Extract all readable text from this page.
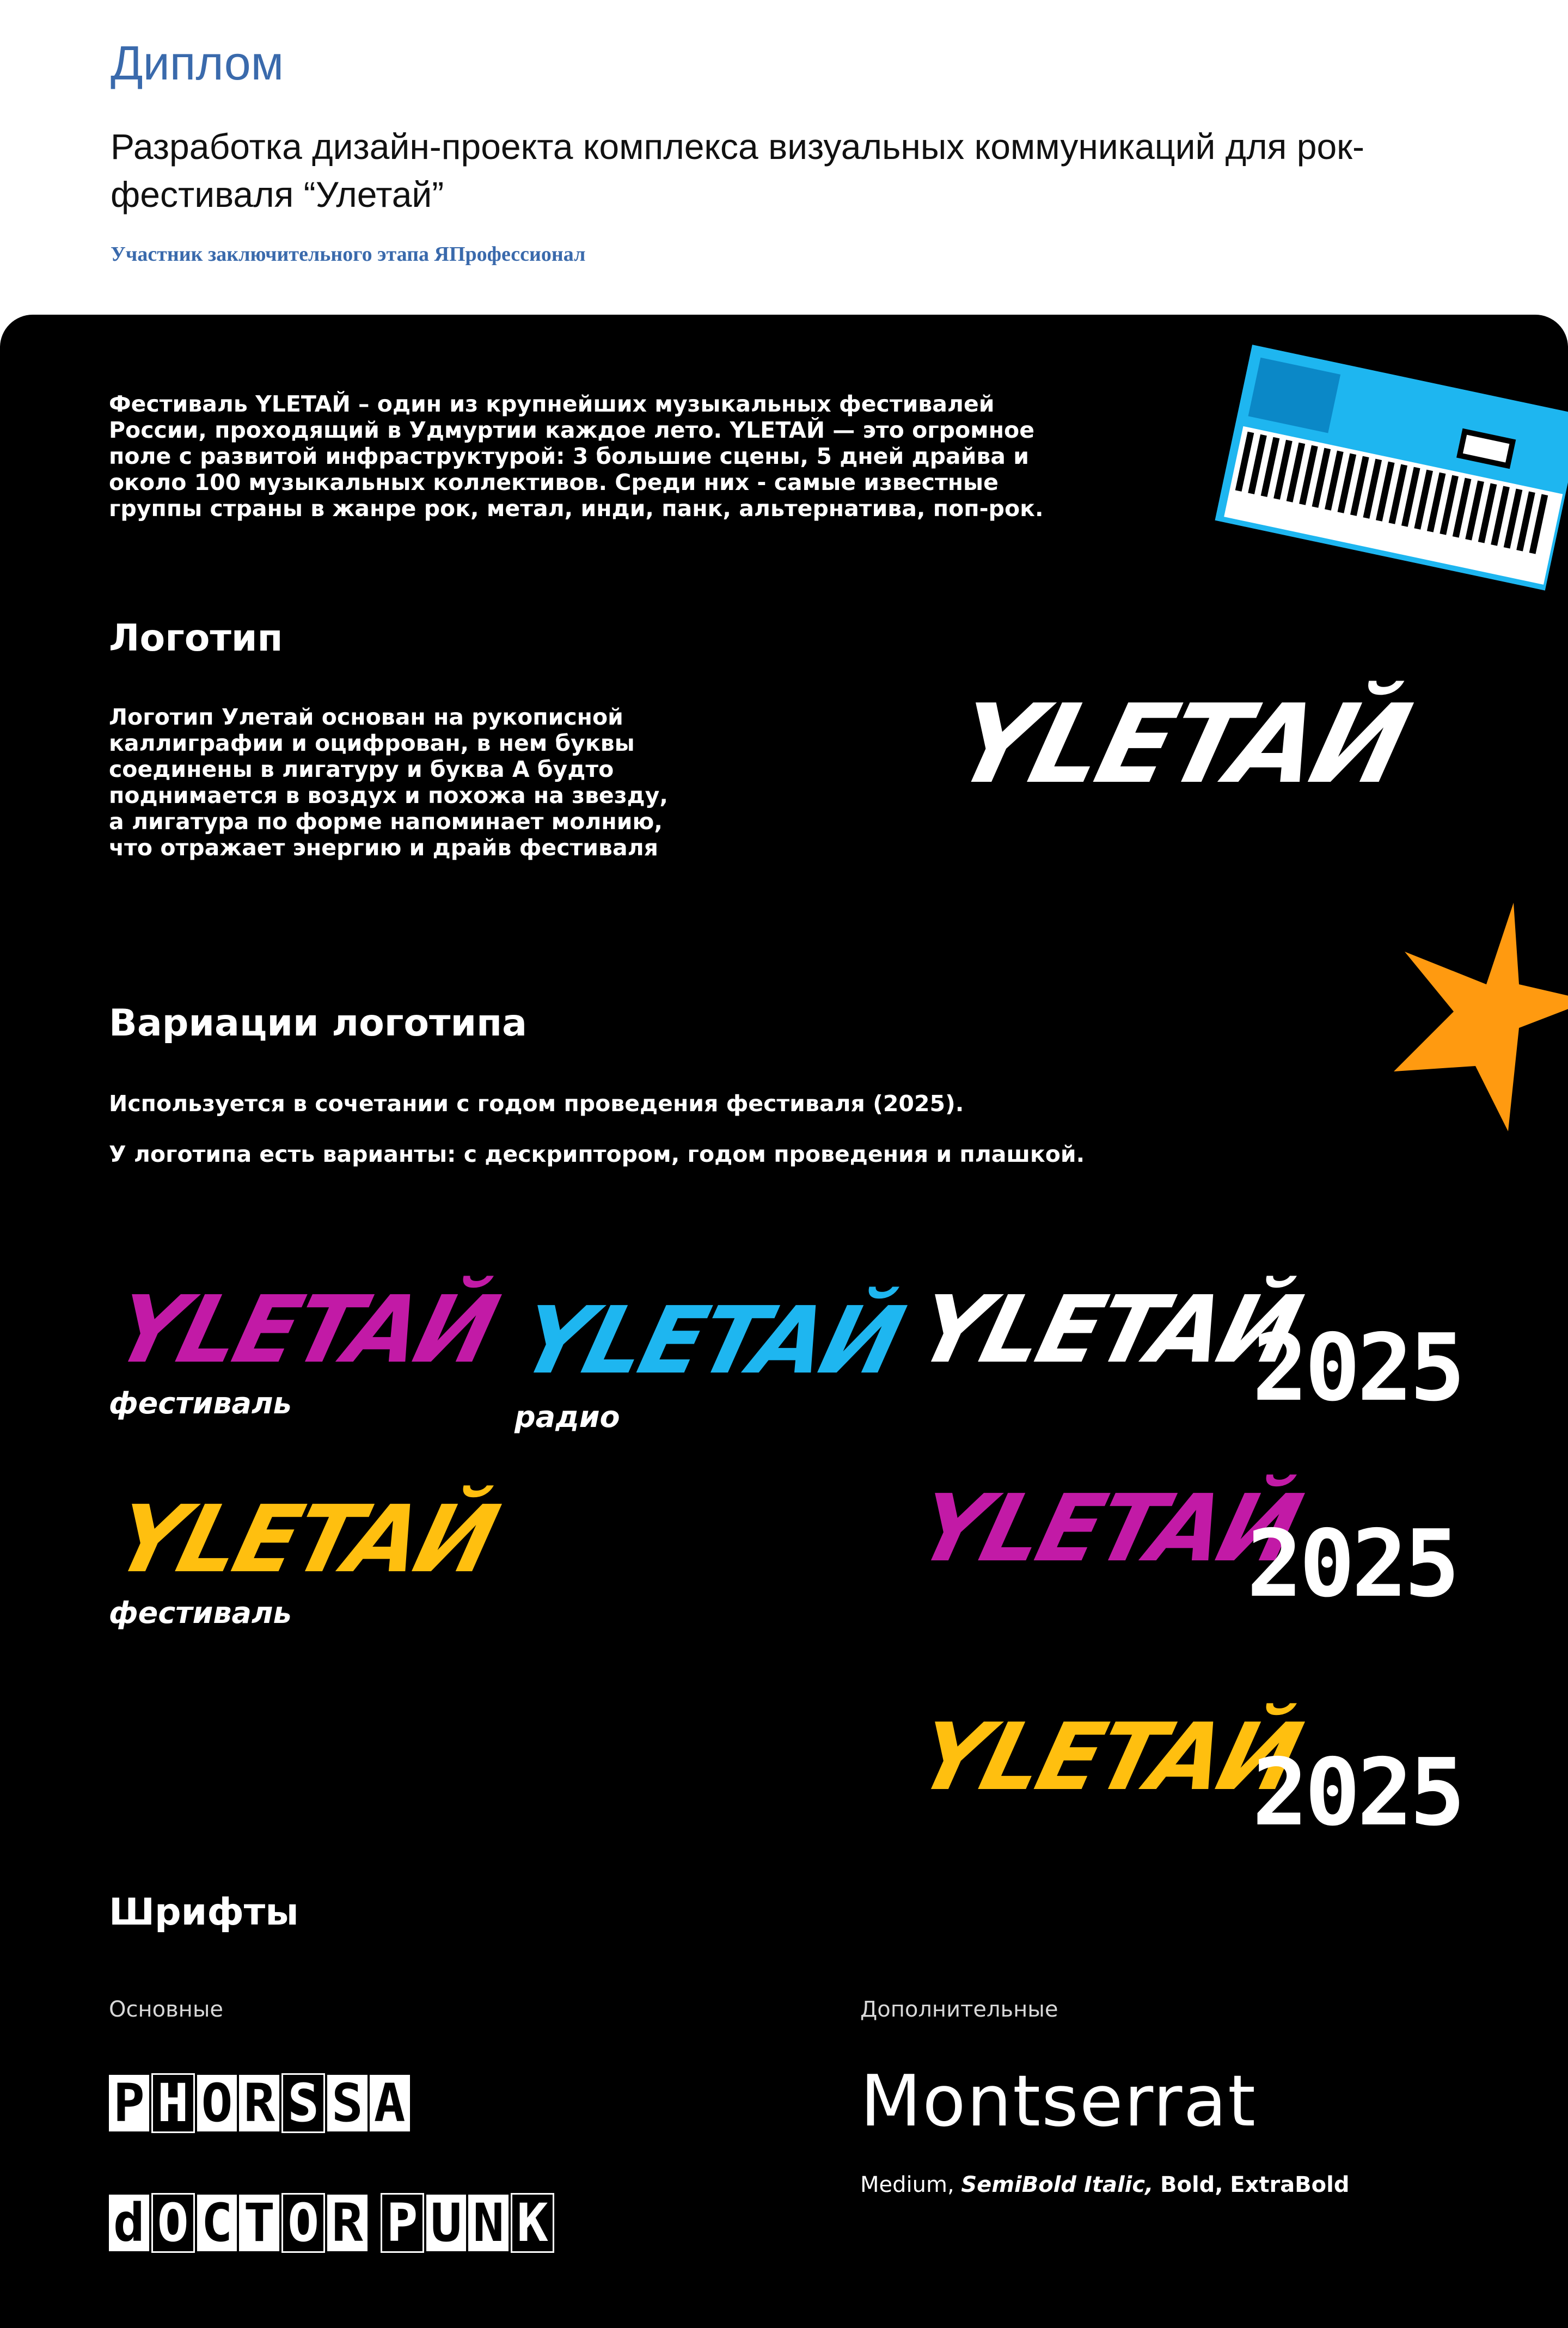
Диплом
Разработка дизайн-проекта комплекса визуальных коммуникаций для рок-фестиваля “Улетай”
Участник заключительного этапа ЯПрофессионал
Фестиваль YLETAЙ – один из крупнейших музыкальных фестивалей России, проходящий в Удмуртии каждое лето. YLETAЙ — это огромное поле с развитой инфраструктурой: 3 большие сцены, 5 дней драйва и около 100 музыкальных коллективов. Среди них - самые известные группы страны в жанре рок, метал, инди, панк, альтернатива, поп-рок.
Логотип
Логотип Улетай основан на рукописной каллиграфии и оцифрован, в нем буквы соединены в лигатуру и буква А будто поднимается в воздух и похожа на звезду, а лигатура по форме напоминает молнию, что отражает энергию и драйв фестиваля
YLETAЙ
Вариации логотипа
Используется в сочетании с годом проведения фестиваля (2025).
У логотипа есть варианты: с дескриптором, годом проведения и плашкой.
YLETAЙ
фестиваль
YLETAЙ
радио
YLETAЙ
2025
YLETAЙ
фестиваль
YLETAЙ
2025
YLETAЙ
2025
Шрифты
Основные	Дополнительные
P H O R S S A
d O C T O R P U N K
Montserrat
Medium, SemiBold Italic, Bold, ExtraBold
